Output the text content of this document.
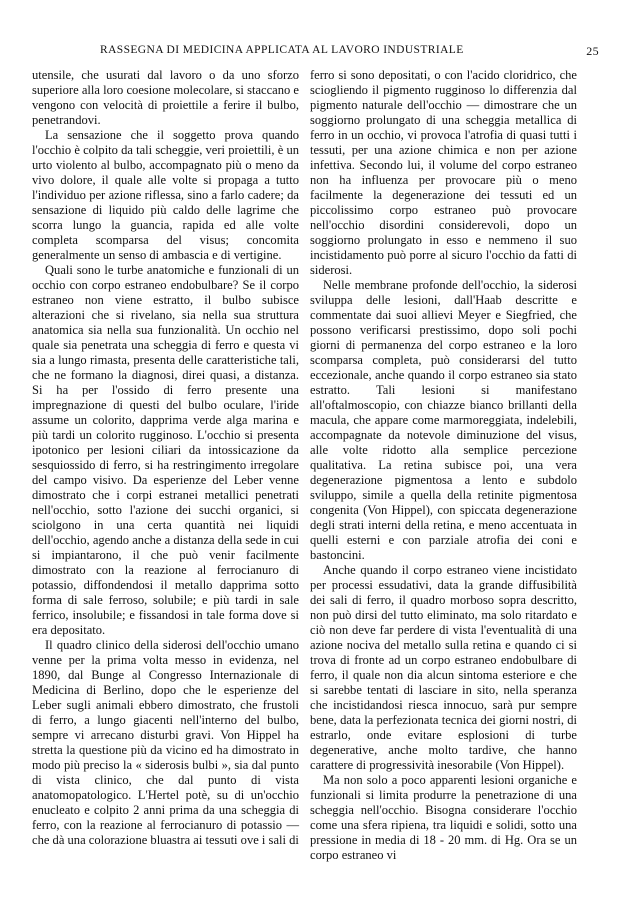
RASSEGNA DI MEDICINA APPLICATA AL LAVORO INDUSTRIALE	25

utensile, che usurati dal lavoro o da uno sforzo superiore alla loro coesione molecolare, si staccano e vengono con velocità di proiettile a ferire il bulbo, penetrandovi.

La sensazione che il soggetto prova quando l'occhio è colpito da tali scheggie, veri proiettili, è un urto violento al bulbo, accompagnato più o meno da vivo dolore, il quale alle volte si propaga a tutto l'individuo per azione riflessa, sino a farlo cadere; da sensazione di liquido più caldo delle lagrime che scorra lungo la guancia, rapida ed alle volte completa scomparsa del visus; concomita generalmente un senso di ambascia e di vertigine.

Quali sono le turbe anatomiche e funzionali di un occhio con corpo estraneo endobulbare? Se il corpo estraneo non viene estratto, il bulbo subisce alterazioni che si rivelano, sia nella sua struttura anatomica sia nella sua funzionalità. Un occhio nel quale sia penetrata una scheggia di ferro e questa vi sia a lungo rimasta, presenta delle caratteristiche tali, che ne formano la diagnosi, direi quasi, a distanza. Si ha per l'ossido di ferro presente una impregnazione di questi del bulbo oculare, l'iride assume un colorito, dapprima verde alga marina e più tardi un colorito rugginoso. L'occhio si presenta ipotonico per lesioni ciliari da intossicazione da sesquiossido di ferro, si ha restringimento irregolare del campo visivo. Da esperienze del Leber venne dimostrato che i corpi estranei metallici penetrati nell'occhio, sotto l'azione dei succhi organici, si sciolgono in una certa quantità nei liquidi dell'occhio, agendo anche a distanza della sede in cui si impiantarono, il che può venir facilmente dimostrato con la reazione al ferrocianuro di potassio, diffondendosi il metallo dapprima sotto forma di sale ferroso, solubile; e più tardi in sale ferrico, insolubile; e fissandosi in tale forma dove si era depositato.

Il quadro clinico della siderosi dell'occhio umano venne per la prima volta messo in evidenza, nel 1890, dal Bunge al Congresso Internazionale di Medicina di Berlino, dopo che le esperienze del Leber sugli animali ebbero dimostrato, che frustoli di ferro, a lungo giacenti nell'interno del bulbo, sempre vi arrecano disturbi gravi. Von Hippel ha stretta la questione più da vicino ed ha dimostrato in modo più preciso la « siderosis bulbi », sia dal punto di vista clinico, che dal punto di vista anatomopatologico. L'Hertel potè, su di un'occhio enucleato e colpito 2 anni prima da una scheggia di ferro, con la reazione al ferrocianuro di potassio — che dà una colorazione bluastra ai tessuti ove i sali di

ferro si sono depositati, o con l'acido cloridrico, che sciogliendo il pigmento rugginoso lo differenzia dal pigmento naturale dell'occhio — dimostrare che un soggiorno prolungato di una scheggia metallica di ferro in un occhio, vi provoca l'atrofia di quasi tutti i tessuti, per una azione chimica e non per azione infettiva. Secondo lui, il volume del corpo estraneo non ha influenza per provocare più o meno facilmente la degenerazione dei tessuti ed un piccolissimo corpo estraneo può provocare nell'occhio disordini considerevoli, dopo un soggiorno prolungato in esso e nemmeno il suo incistidamento può porre al sicuro l'occhio da fatti di siderosi.

Nelle membrane profonde dell'occhio, la siderosi sviluppa delle lesioni, dall'Haab descritte e commentate dai suoi allievi Meyer e Siegfried, che possono verificarsi prestissimo, dopo soli pochi giorni di permanenza del corpo estraneo e la loro scomparsa completa, può considerarsi del tutto eccezionale, anche quando il corpo estraneo sia stato estratto. Tali lesioni si manifestano all'oftalmoscopio, con chiazze bianco brillanti della macula, che appare come marmoreggiata, indelebili, accompagnate da notevole diminuzione del visus, alle volte ridotto alla semplice percezione qualitativa. La retina subisce poi, una vera degenerazione pigmentosa a lento e subdolo sviluppo, simile a quella della retinite pigmentosa congenita (Von Hippel), con spiccata degenerazione degli strati interni della retina, e meno accentuata in quelli esterni e con parziale atrofia dei coni e bastoncini.

Anche quando il corpo estraneo viene incistidato per processi essudativi, data la grande diffusibilità dei sali di ferro, il quadro morboso sopra descritto, non può dirsi del tutto eliminato, ma solo ritardato e ciò non deve far perdere di vista l'eventualità di una azione nociva del metallo sulla retina e quando ci si trova di fronte ad un corpo estraneo endobulbare di ferro, il quale non dia alcun sintoma esteriore e che si sarebbe tentati di lasciare in sito, nella speranza che incistidandosi riesca innocuo, sarà pur sempre bene, data la perfezionata tecnica dei giorni nostri, di estrarlo, onde evitare esplosioni di turbe degenerative, anche molto tardive, che hanno carattere di progressività inesorabile (Von Hippel).

Ma non solo a poco apparenti lesioni organiche e funzionali si limita produrre la penetrazione di una scheggia nell'occhio. Bisogna considerare l'occhio come una sfera ripiena, tra liquidi e solidi, sotto una pressione in media di 18 - 20 mm. di Hg. Ora se un corpo estraneo vi
